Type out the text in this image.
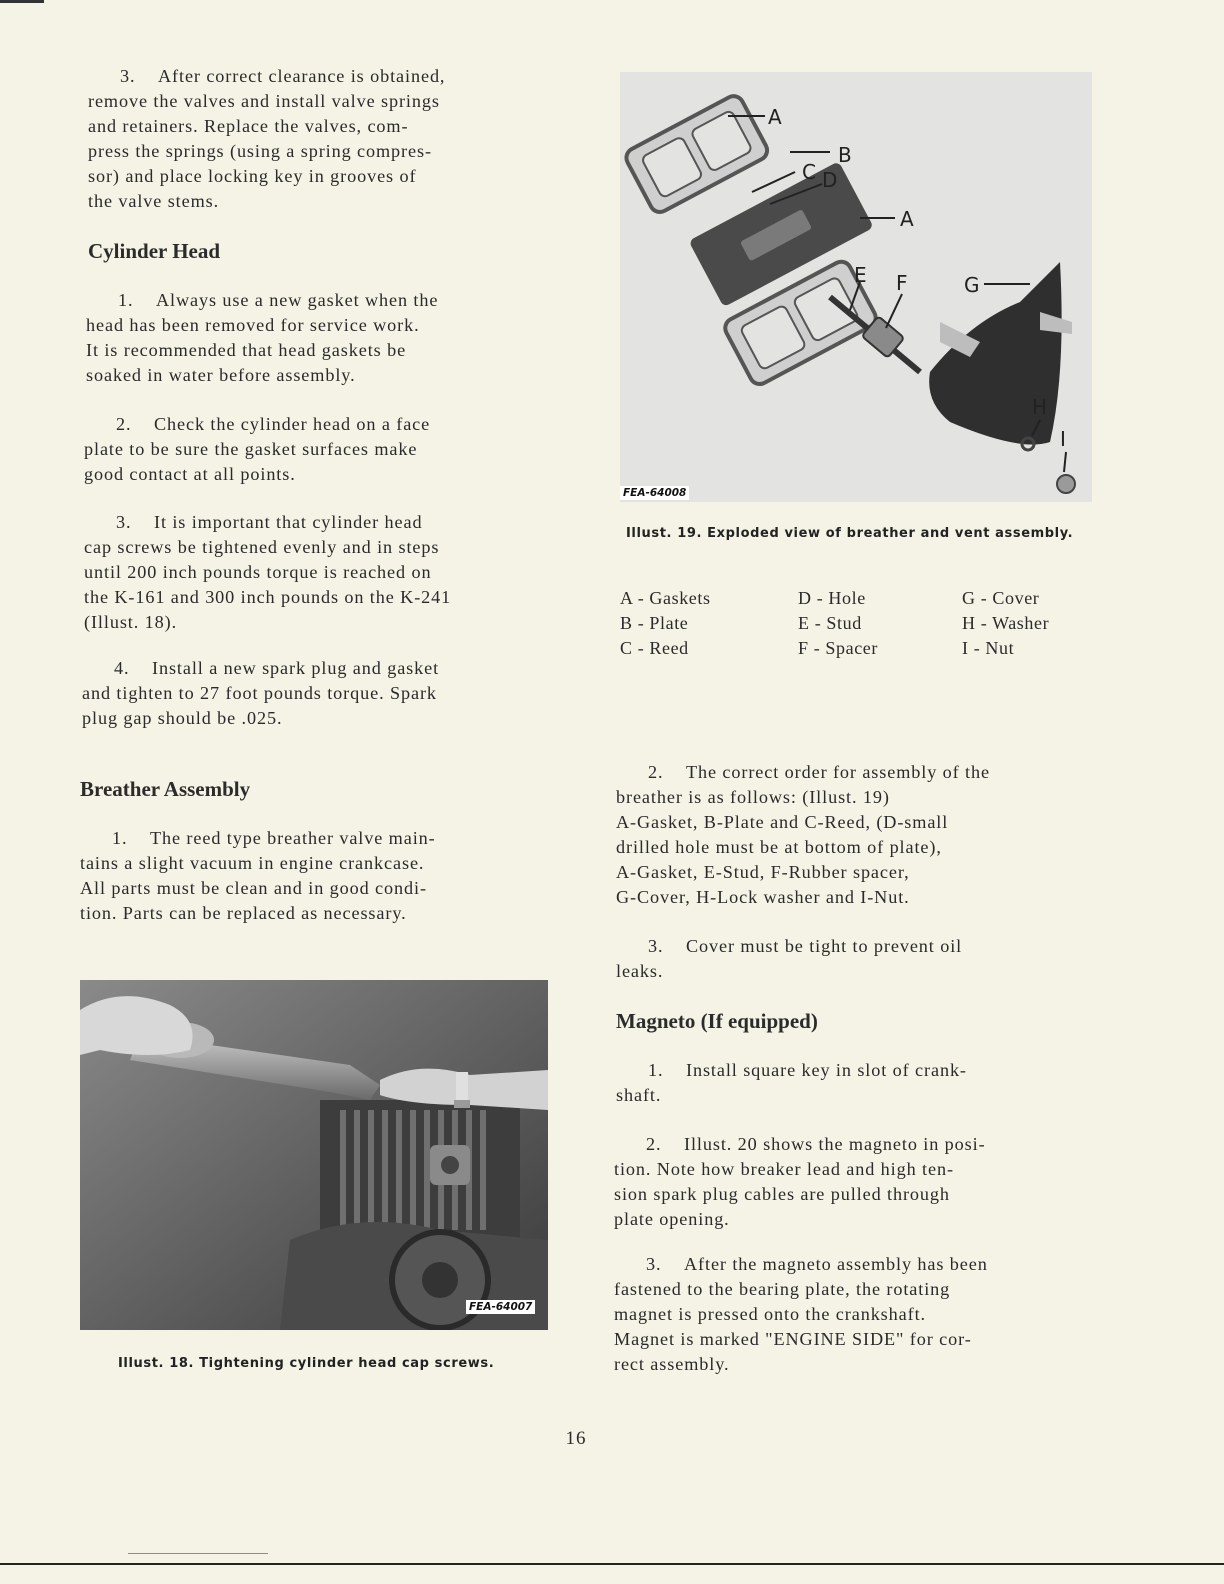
3. After correct clearance is obtained,

remove the valves and install valve springs

and retainers. Replace the valves, com-

press the springs (using a spring compres-

sor) and place locking key in grooves of

the valve stems.

Cylinder Head

1. Always use a new gasket when the

head has been removed for service work.

It is recommended that head gaskets be

soaked in water before assembly.

2. Check the cylinder head on a face

plate to be sure the gasket surfaces make

good contact at all points.

3. It is important that cylinder head

cap screws be tightened evenly and in steps

until 200 inch pounds torque is reached on

the K-161 and 300 inch pounds on the K-241

(Illust. 18).

4. Install a new spark plug and gasket

and tighten to 27 foot pounds torque. Spark

plug gap should be .025.

Breather Assembly

1. The reed type breather valve main-

tains a slight vacuum in engine crankcase.

All parts must be clean and in good condi-

tion. Parts can be replaced as necessary.

FEA-64007
Illust. 18. Tightening cylinder head cap screws.
A
B
C D
A
E F	G
H
I
FEA-64008
Illust. 19. Exploded view of breather and vent assembly.
A - Gaskets	D - Hole	G - Cover
B - Plate	E - Stud	H - Washer
C - Reed	F - Spacer	I - Nut

2. The correct order for assembly of the

breather is as follows: (Illust. 19)

A-Gasket, B-Plate and C-Reed, (D-small

drilled hole must be at bottom of plate),

A-Gasket, E-Stud, F-Rubber spacer,

G-Cover, H-Lock washer and I-Nut.

3. Cover must be tight to prevent oil

leaks.

Magneto (If equipped)

1. Install square key in slot of crank-

shaft.

2. Illust. 20 shows the magneto in posi-

tion. Note how breaker lead and high ten-

sion spark plug cables are pulled through

plate opening.

3. After the magneto assembly has been

fastened to the bearing plate, the rotating

magnet is pressed onto the crankshaft.

Magnet is marked "ENGINE SIDE" for cor-

rect assembly.

16
